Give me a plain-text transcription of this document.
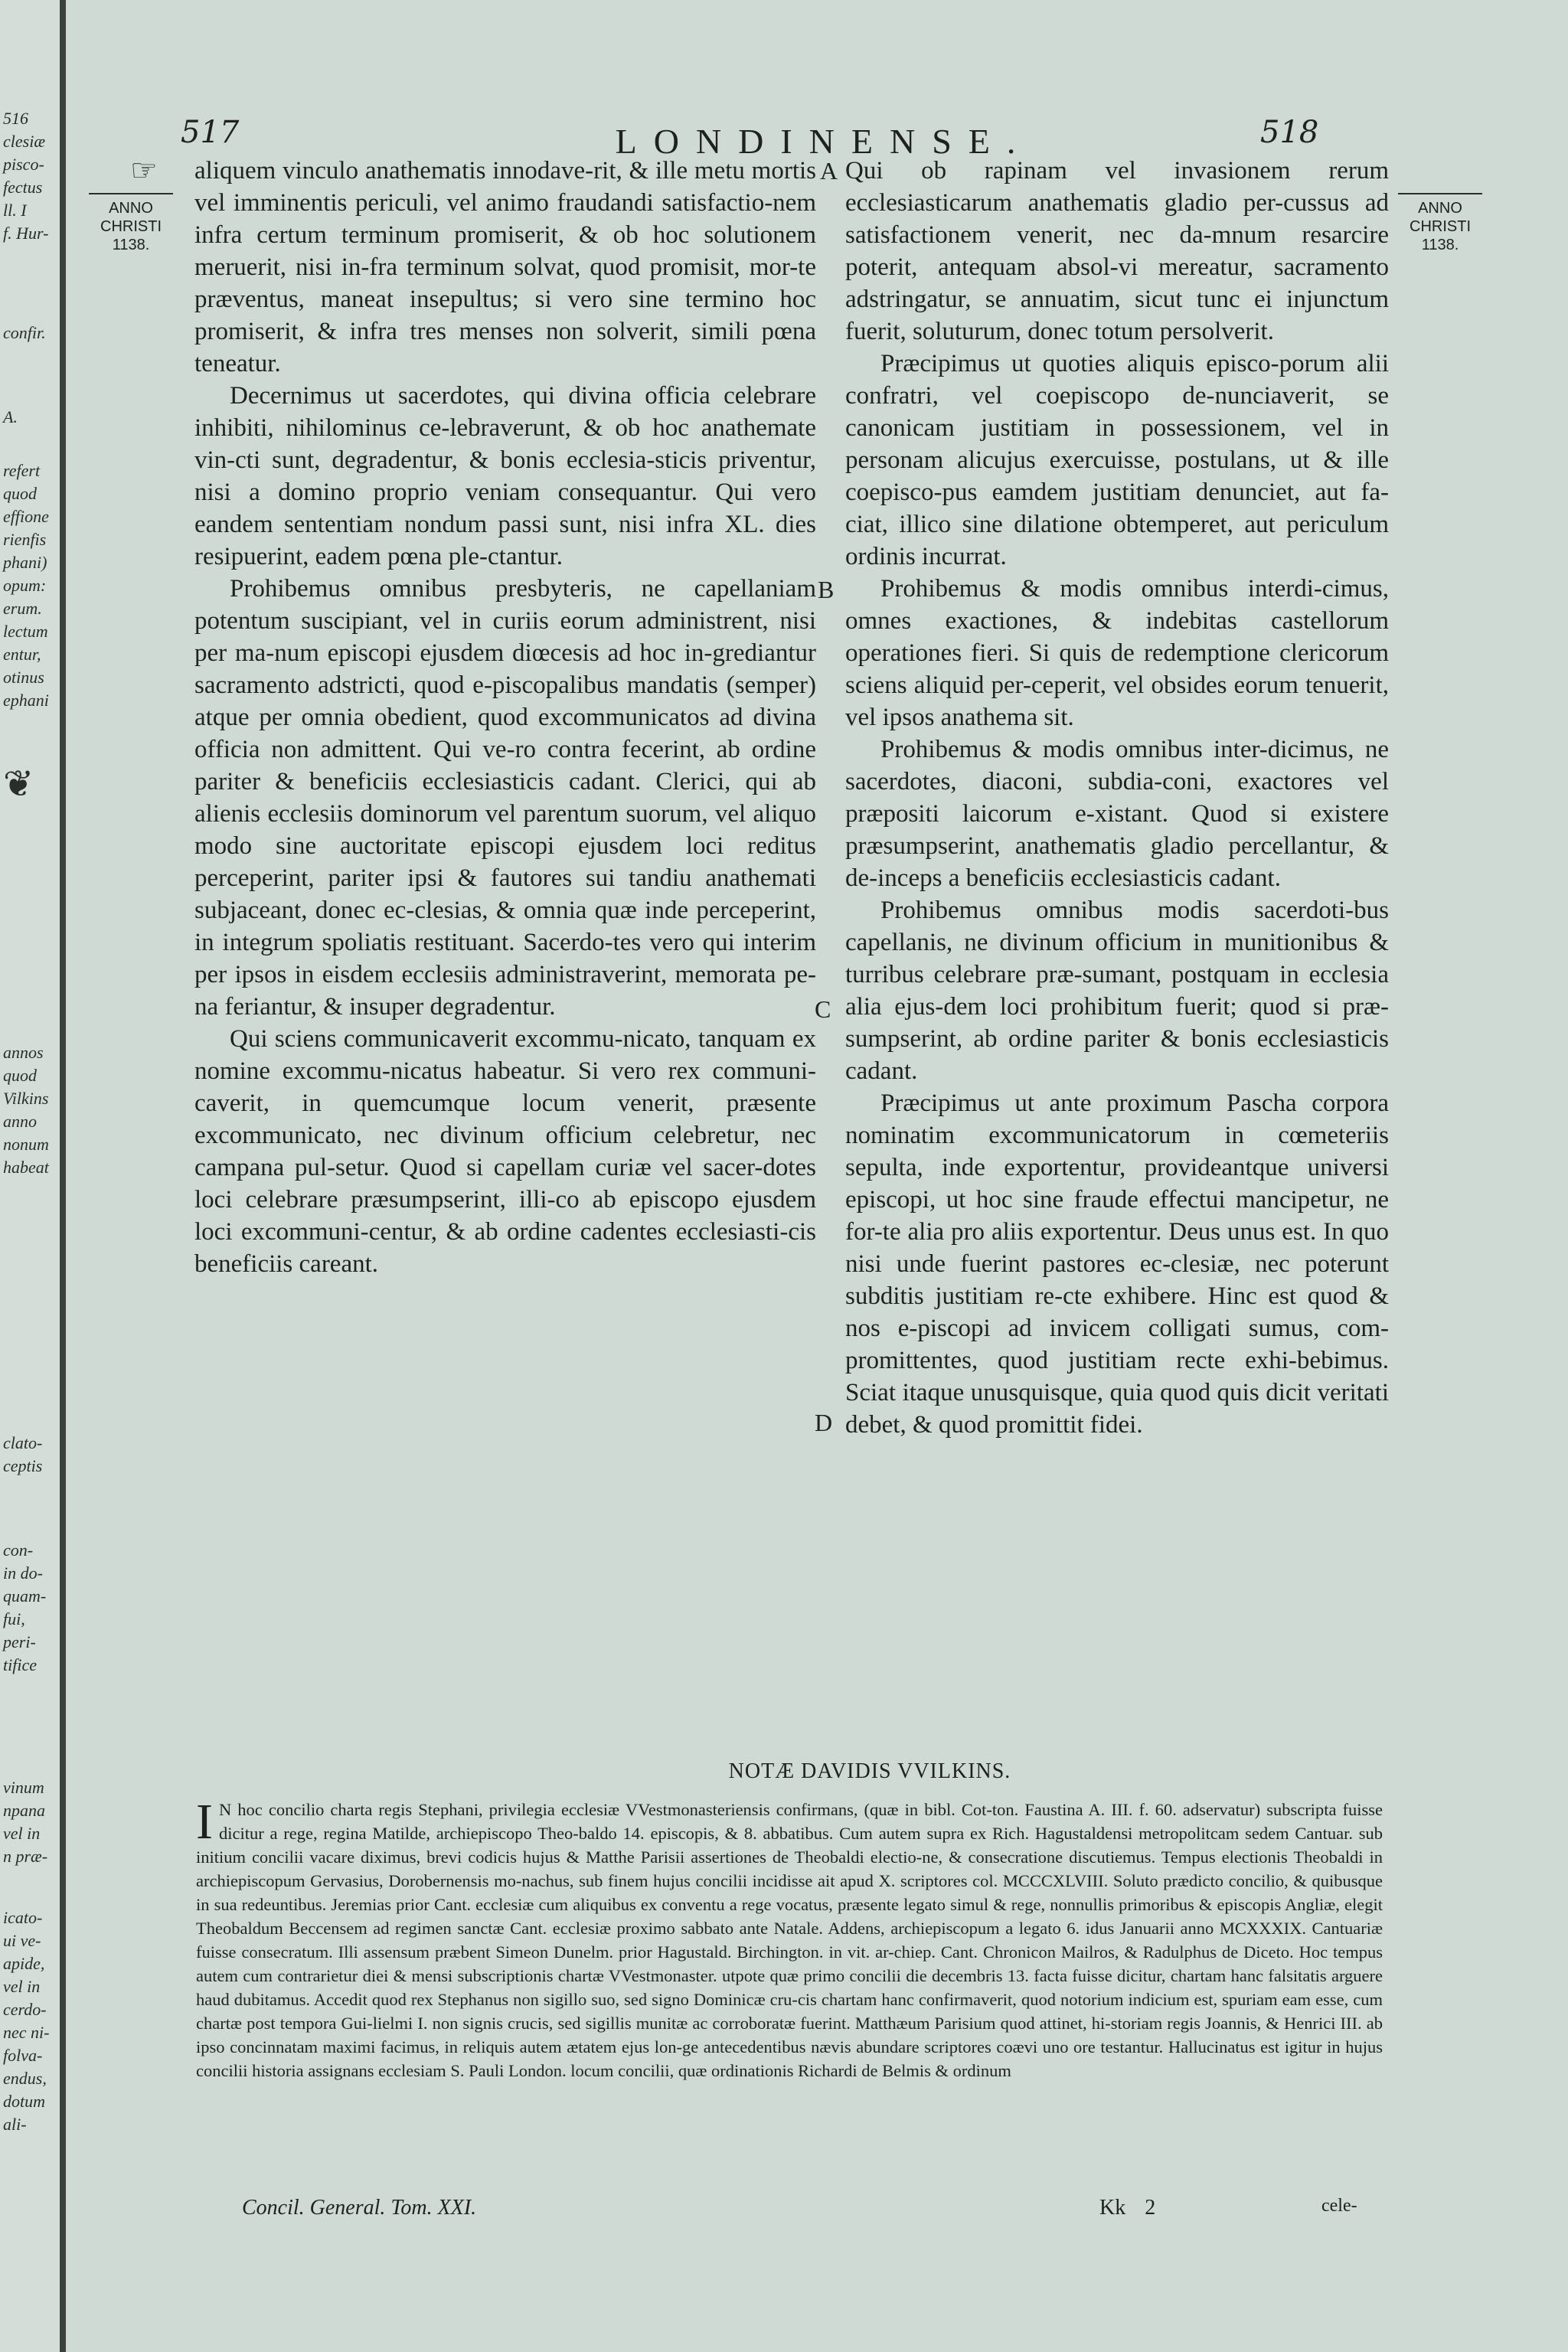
516
clesiæ
pisco-
fectus
ll. I
f. Hur-
confir.
A.
refert
quod
effione
rienfis
phani)
opum:
erum.
lectum
entur,
otinus
ephani
❦
annos
quod
Vilkins
anno
nonum
habeat
clato-
ceptis
con-
in do-
quam-
fui,
peri-
tifice
vinum
npana
vel in
n præ-
icato-
ui ve-
apide,
vel in
cerdo-
nec ni-
folva-
endus,
dotum
ali-
517	LONDINENSE.	518
☞
ANNO
CHRISTI
1138.
ANNO
CHRISTI
1138.

aliquem vinculo anathematis innodave-rit, & ille metu mortis vel imminentis periculi, vel animo fraudandi satisfactio-nem infra certum terminum promiserit, & ob hoc solutionem meruerit, nisi in-fra terminum solvat, quod promisit, mor-te præventus, maneat insepultus; si vero sine termino hoc promiserit, & infra tres menses non solverit, simili pœna teneatur.

Decernimus ut sacerdotes, qui divina officia celebrare inhibiti, nihilominus ce-lebraverunt, & ob hoc anathemate vin-cti sunt, degradentur, & bonis ecclesia-sticis priventur, nisi a domino proprio veniam consequantur. Qui vero eandem sententiam nondum passi sunt, nisi infra XL. dies resipuerint, eadem pœna ple-ctantur.

Prohibemus omnibus presbyteris, ne capellaniam potentum suscipiant, vel in curiis eorum administrent, nisi per ma-num episcopi ejusdem diœcesis ad hoc in-grediantur sacramento adstricti, quod e-piscopalibus mandatis (semper) atque per omnia obedient, quod excommunicatos ad divina officia non admittent. Qui ve-ro contra fecerint, ab ordine pariter & beneficiis ecclesiasticis cadant. Clerici, qui ab alienis ecclesiis dominorum vel parentum suorum, vel aliquo modo sine auctoritate episcopi ejusdem loci reditus perceperint, pariter ipsi & fautores sui tandiu anathemati subjaceant, donec ec-clesias, & omnia quæ inde perceperint, in integrum spoliatis restituant. Sacerdo-tes vero qui interim per ipsos in eisdem ecclesiis administraverint, memorata pe-na feriantur, & insuper degradentur.

Qui sciens communicaverit excommu-nicato, tanquam ex nomine excommu-nicatus habeatur. Si vero rex communi-caverit, in quemcumque locum venerit, præsente excommunicato, nec divinum officium celebretur, nec campana pul-setur. Quod si capellam curiæ vel sacer-dotes loci celebrare præsumpserint, illi-co ab episcopo ejusdem loci excommuni-centur, & ab ordine cadentes ecclesiasti-cis beneficiis careant.

A
B
C
D

Qui ob rapinam vel invasionem rerum ecclesiasticarum anathematis gladio per-cussus ad satisfactionem venerit, nec da-mnum resarcire poterit, antequam absol-vi mereatur, sacramento adstringatur, se annuatim, sicut tunc ei injunctum fuerit, soluturum, donec totum persolverit.

Præcipimus ut quoties aliquis episco-porum alii confratri, vel coepiscopo de-nunciaverit, se canonicam justitiam in possessionem, vel in personam alicujus exercuisse, postulans, ut & ille coepisco-pus eamdem justitiam denunciet, aut fa-ciat, illico sine dilatione obtemperet, aut periculum ordinis incurrat.

Prohibemus & modis omnibus interdi-cimus, omnes exactiones, & indebitas castellorum operationes fieri. Si quis de redemptione clericorum sciens aliquid per-ceperit, vel obsides eorum tenuerit, vel ipsos anathema sit.

Prohibemus & modis omnibus inter-dicimus, ne sacerdotes, diaconi, subdia-coni, exactores vel præpositi laicorum e-xistant. Quod si existere præsumpserint, anathematis gladio percellantur, & de-inceps a beneficiis ecclesiasticis cadant.

Prohibemus omnibus modis sacerdoti-bus capellanis, ne divinum officium in munitionibus & turribus celebrare præ-sumant, postquam in ecclesia alia ejus-dem loci prohibitum fuerit; quod si præ-sumpserint, ab ordine pariter & bonis ecclesiasticis cadant.

Præcipimus ut ante proximum Pascha corpora nominatim excommunicatorum in cœmeteriis sepulta, inde exportentur, provideantque universi episcopi, ut hoc sine fraude effectui mancipetur, ne for-te alia pro aliis exportentur. Deus unus est. In quo nisi unde fuerint pastores ec-clesiæ, nec poterunt subditis justitiam re-cte exhibere. Hinc est quod & nos e-piscopi ad invicem colligati sumus, com-promittentes, quod justitiam recte exhi-bebimus. Sciat itaque unusquisque, quia quod quis dicit veritati debet, & quod promittit fidei.

NOTÆ DAVIDIS VVILKINS.
I N hoc concilio charta regis Stephani, privilegia ecclesiæ VVestmonasteriensis confirmans, (quæ in bibl. Cot-ton. Faustina A. III. f. 60. adservatur) subscripta fuisse dicitur a rege, regina Matilde, archiepiscopo Theo-baldo 14. episcopis, & 8. abbatibus. Cum autem supra ex Rich. Hagustaldensi metropolitcam sedem Cantuar. sub initium concilii vacare diximus, brevi codicis hujus & Matthe Parisii assertiones de Theobaldi electio-ne, & consecratione discutiemus. Tempus electionis Theobaldi in archiepiscopum Gervasius, Dorobernensis mo-nachus, sub finem hujus concilii incidisse ait apud X. scriptores col. MCCCXLVIII. Soluto prædicto concilio, & quibusque in sua redeuntibus. Jeremias prior Cant. ecclesiæ cum aliquibus ex conventu a rege vocatus, præsente legato simul & rege, nonnullis primoribus & episcopis Angliæ, elegit Theobaldum Beccensem ad regimen sanctæ Cant. ecclesiæ proximo sabbato ante Natale. Addens, archiepiscopum a legato 6. idus Januarii anno MCXXXIX. Cantuariæ fuisse consecratum. Illi assensum præbent Simeon Dunelm. prior Hagustald. Birchington. in vit. ar-chiep. Cant. Chronicon Mailros, & Radulphus de Diceto. Hoc tempus autem cum contrarietur diei & mensi subscriptionis chartæ VVestmonaster. utpote quæ primo concilii die decembris 13. facta fuisse dicitur, chartam hanc falsitatis arguere haud dubitamus. Accedit quod rex Stephanus non sigillo suo, sed signo Dominicæ cru-cis chartam hanc confirmaverit, quod notorium indicium est, spuriam eam esse, cum chartæ post tempora Gui-lielmi I. non signis crucis, sed sigillis munitæ ac corroboratæ fuerint. Matthæum Parisium quod attinet, hi-storiam regis Joannis, & Henrici III. ab ipso concinnatam maximi facimus, in reliquis autem ætatem ejus lon-ge antecedentibus nævis abundare scriptores coævi uno ore testantur. Hallucinatus est igitur in hujus concilii historia assignans ecclesiam S. Pauli London. locum concilii, quæ ordinationis Richardi de Belmis & ordinum
Concil. General. Tom. XXI.	Kk 2	cele-
